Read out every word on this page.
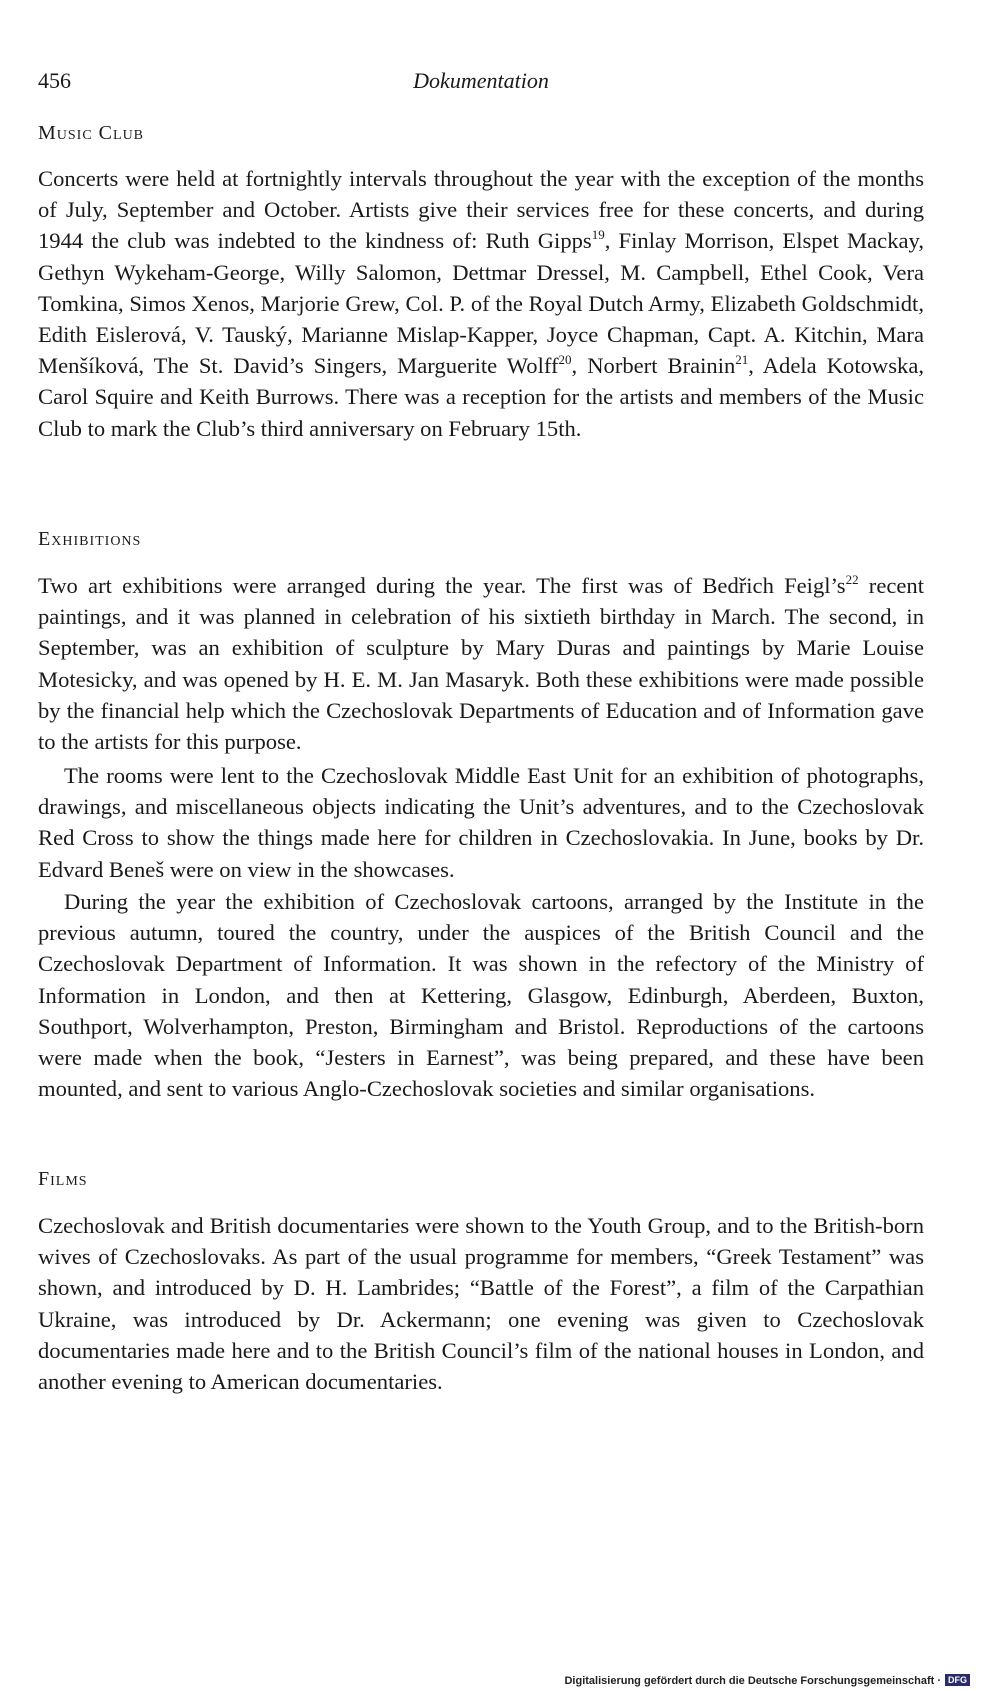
456	Dokumentation
Music Club

Concerts were held at fortnightly intervals throughout the year with the exception of the months of July, September and October. Artists give their services free for these concerts, and during 1944 the club was indebted to the kindness of: Ruth Gipps$^{19}$, Finlay Morrison, Elspet Mackay, Gethyn Wykeham-George, Willy Salomon, Dettmar Dressel, M. Campbell, Ethel Cook, Vera Tomkina, Simos Xenos, Marjorie Grew, Col. P. of the Royal Dutch Army, Elizabeth Goldschmidt, Edith Eislerová, V. Tauský, Marianne Mislap-Kapper, Joyce Chapman, Capt. A. Kitchin, Mara Menšíková, The St. David’s Singers, Marguerite Wolff$^{20}$, Norbert Brainin$^{21}$, Adela Kotowska, Carol Squire and Keith Burrows. There was a reception for the artists and members of the Music Club to mark the Club’s third anniversary on February 15th.

Exhibitions

Two art exhibitions were arranged during the year. The first was of Bedřich Feigl’s$^{22}$ recent paintings, and it was planned in celebration of his sixtieth birthday in March. The second, in September, was an exhibition of sculpture by Mary Duras and paintings by Marie Louise Motesicky, and was opened by H. E. M. Jan Masaryk. Both these exhibitions were made possible by the financial help which the Czechoslovak Departments of Education and of Information gave to the artists for this purpose.

The rooms were lent to the Czechoslovak Middle East Unit for an exhibition of photographs, drawings, and miscellaneous objects indicating the Unit’s adventures, and to the Czechoslovak Red Cross to show the things made here for children in Czechoslovakia. In June, books by Dr. Edvard Beneš were on view in the showcases.

During the year the exhibition of Czechoslovak cartoons, arranged by the Institute in the previous autumn, toured the country, under the auspices of the British Council and the Czechoslovak Department of Information. It was shown in the refectory of the Ministry of Information in London, and then at Kettering, Glasgow, Edinburgh, Aberdeen, Buxton, Southport, Wolverhampton, Preston, Birmingham and Bristol. Reproductions of the cartoons were made when the book, “Jesters in Earnest”, was being prepared, and these have been mounted, and sent to various Anglo-Czechoslovak societies and similar organisations.

Films

Czechoslovak and British documentaries were shown to the Youth Group, and to the British-born wives of Czechoslovaks. As part of the usual programme for members, “Greek Testament” was shown, and introduced by D. H. Lambrides; “Battle of the Forest”, a film of the Carpathian Ukraine, was introduced by Dr. Ackermann; one evening was given to Czechoslovak documentaries made here and to the British Council’s film of the national houses in London, and another evening to American documentaries.

Digitalisierung gefördert durch die Deutsche Forschungsgemeinschaft · DFG
